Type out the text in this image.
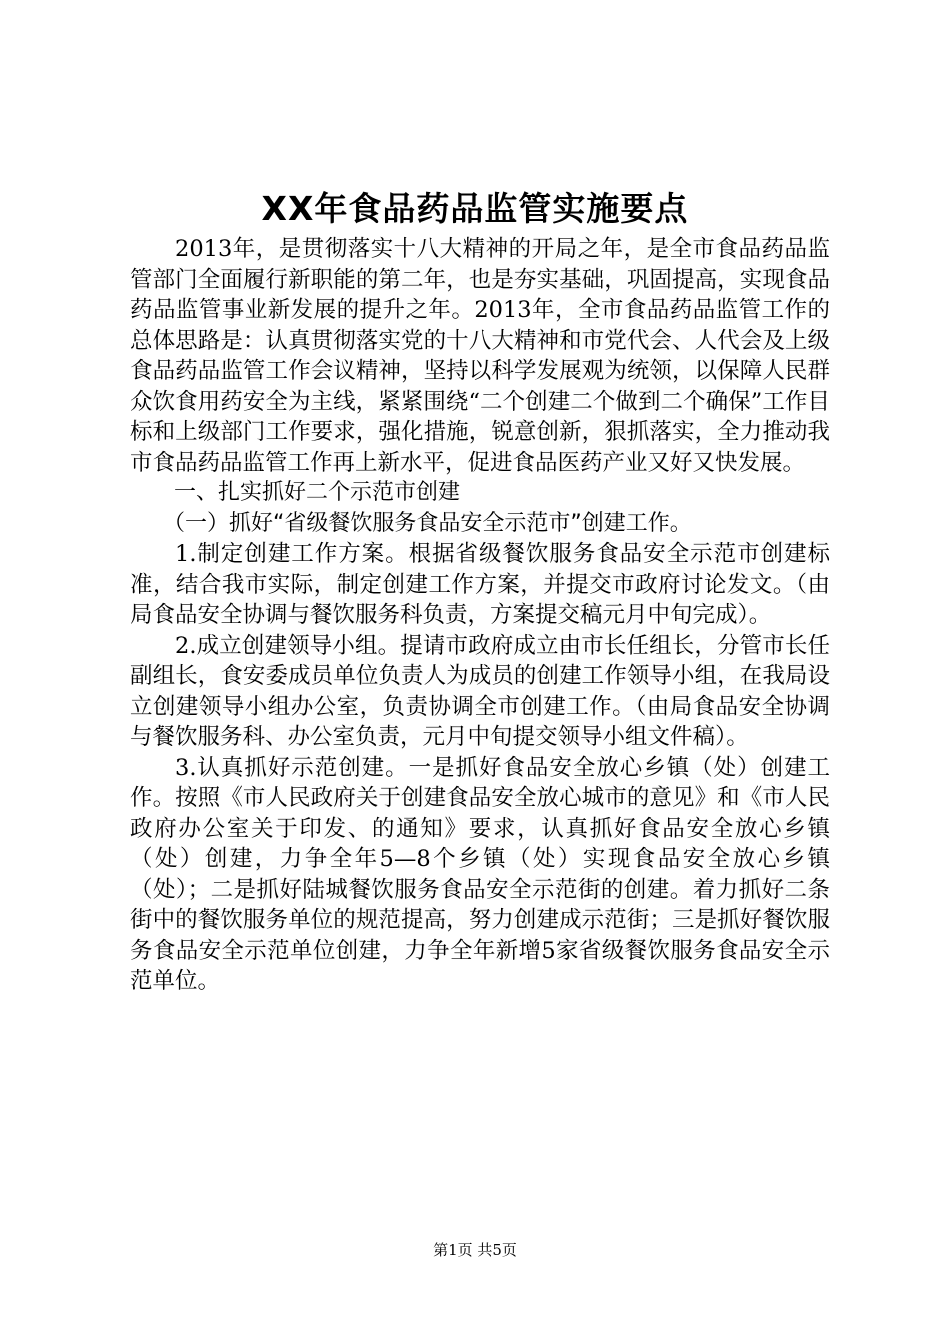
XX年食品药品监管实施要点

2013年，是贯彻落实十八大精神的开局之年，是全市食品药品监管部门全面履行新职能的第二年，也是夯实基础，巩固提高，实现食品药品监管事业新发展的提升之年。2013年，全市食品药品监管工作的总体思路是：认真贯彻落实党的十八大精神和市党代会、人代会及上级食品药品监管工作会议精神，坚持以科学发展观为统领，以保障人民群众饮食用药安全为主线，紧紧围绕“二个创建二个做到二个确保”工作目标和上级部门工作要求，强化措施，锐意创新，狠抓落实，全力推动我市食品药品监管工作再上新水平，促进食品医药产业又好又快发展。

一、扎实抓好二个示范市创建

（一）抓好“省级餐饮服务食品安全示范市”创建工作。

1.制定创建工作方案。根据省级餐饮服务食品安全示范市创建标准，结合我市实际，制定创建工作方案，并提交市政府讨论发文。（由局食品安全协调与餐饮服务科负责，方案提交稿元月中旬完成）。

2.成立创建领导小组。提请市政府成立由市长任组长，分管市长任副组长，食安委成员单位负责人为成员的创建工作领导小组，在我局设立创建领导小组办公室，负责协调全市创建工作。（由局食品安全协调与餐饮服务科、办公室负责，元月中旬提交领导小组文件稿）。

3.认真抓好示范创建。一是抓好食品安全放心乡镇（处）创建工作。按照《市人民政府关于创建食品安全放心城市的意见》和《市人民政府办公室关于印发、的通知》要求，认真抓好食品安全放心乡镇（处）创建，力争全年5—8个乡镇（处）实现食品安全放心乡镇（处）；二是抓好陆城餐饮服务食品安全示范街的创建。着力抓好二条街中的餐饮服务单位的规范提高，努力创建成示范街；三是抓好餐饮服务食品安全示范单位创建，力争全年新增5家省级餐饮服务食品安全示范单位。

第1页 共5页
